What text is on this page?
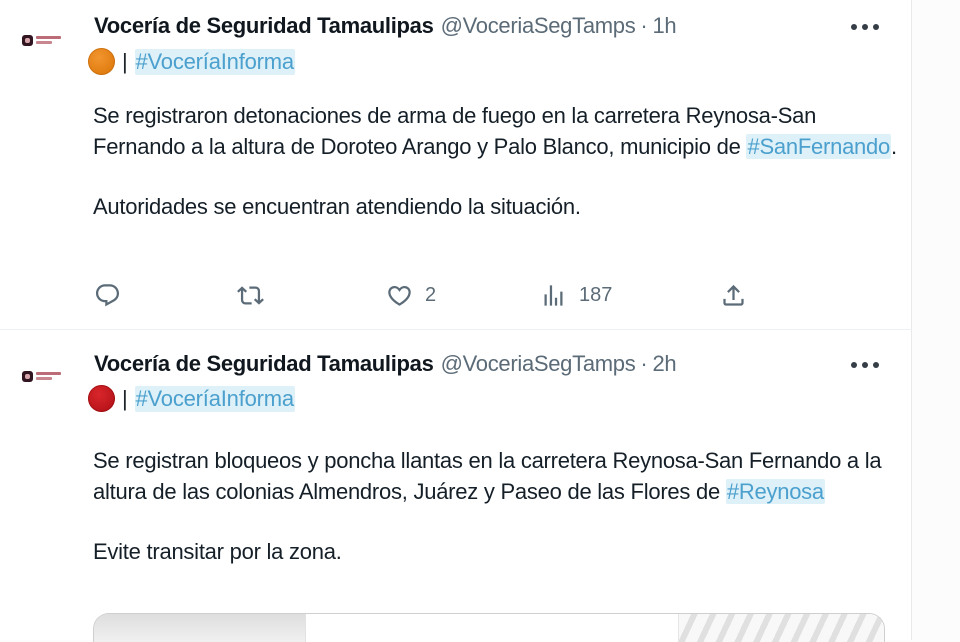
Vocería de Seguridad Tamaulipas @VoceriaSegTamps · 1h
| #VoceríaInforma

Se registraron detonaciones de arma de fuego en la carretera Reynosa-San Fernando a la altura de Doroteo Arango y Palo Blanco, municipio de #SanFernando.

Autoridades se encuentran atendiendo la situación.

2	187
Vocería de Seguridad Tamaulipas @VoceriaSegTamps · 2h
| #VoceríaInforma

Se registran bloqueos y poncha llantas en la carretera Reynosa-San Fernando a la altura de las colonias Almendros, Juárez y Paseo de las Flores de #Reynosa

Evite transitar por la zona.
